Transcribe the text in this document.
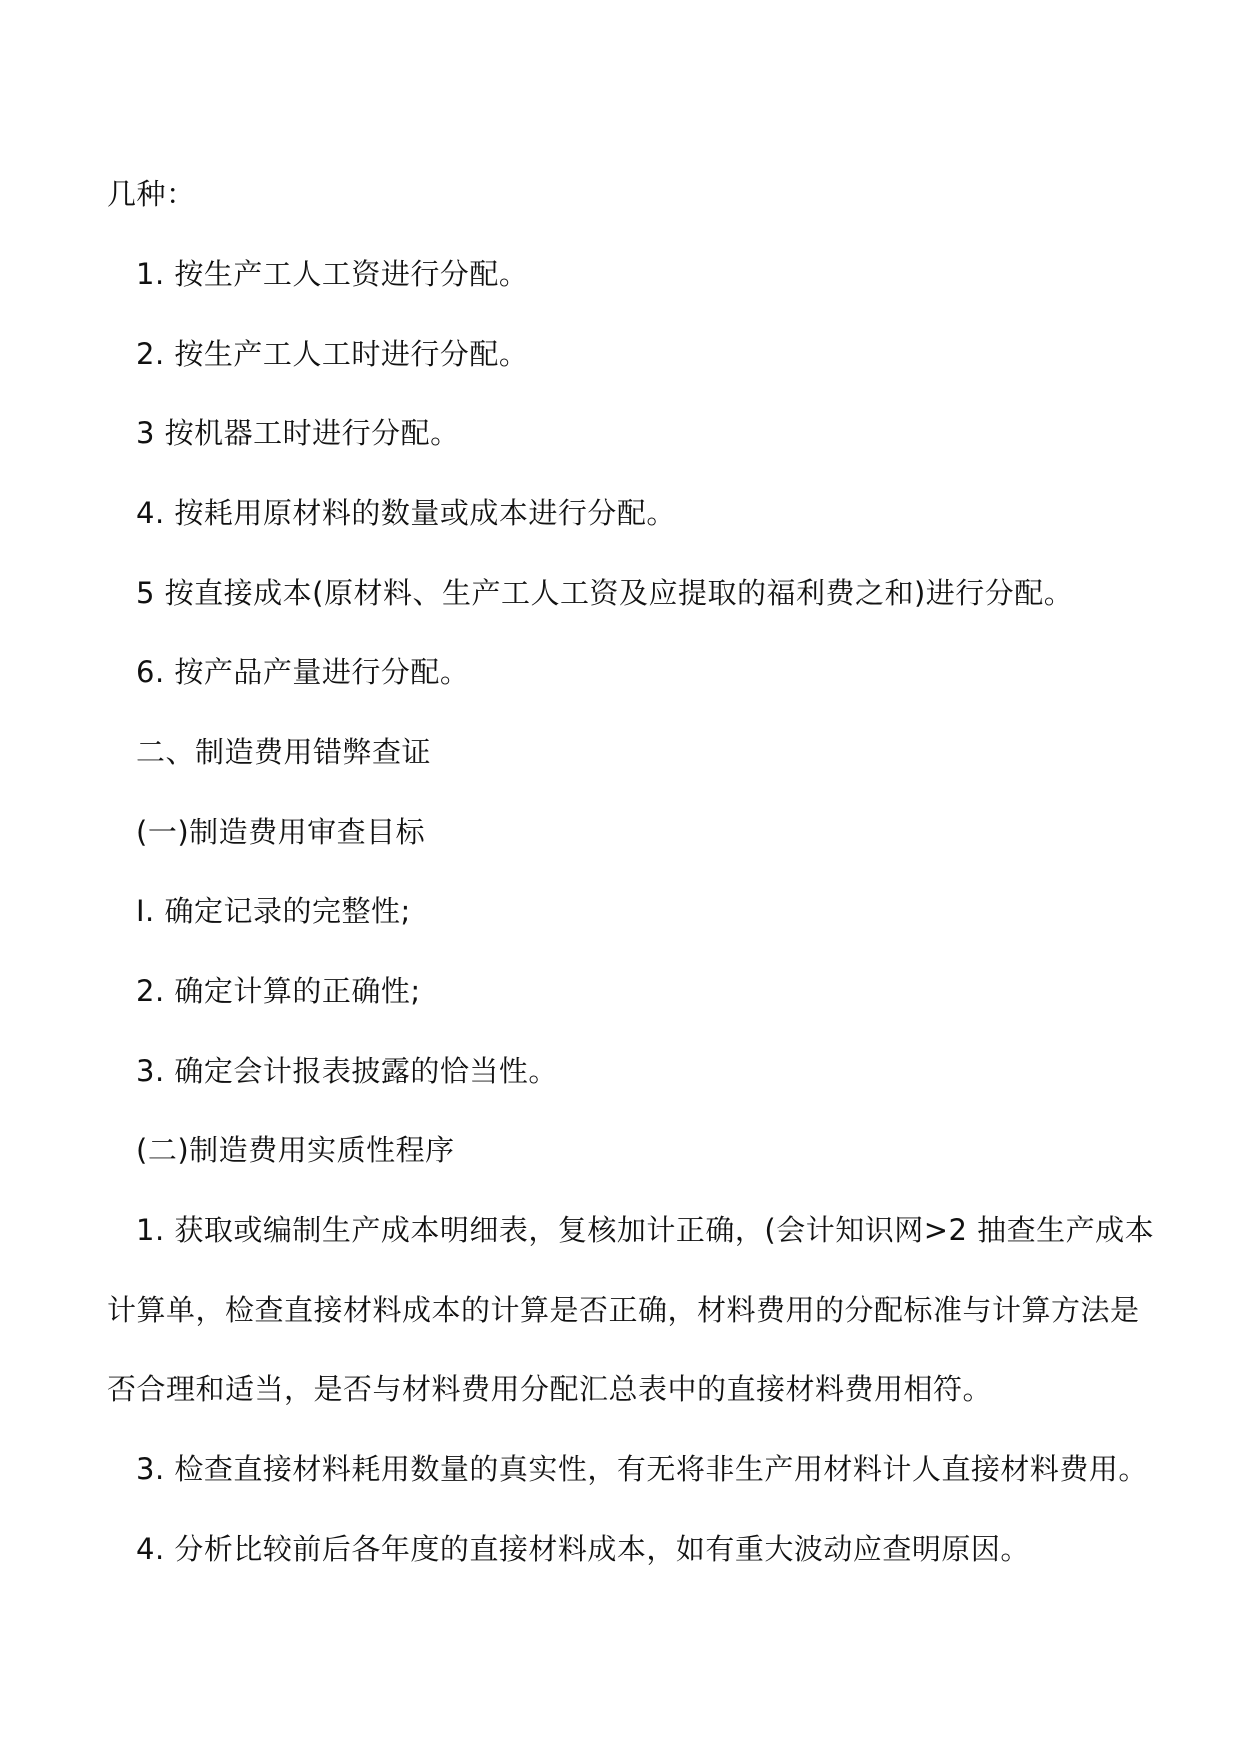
几种：
1. 按生产工人工资进行分配。
2. 按生产工人工时进行分配。
3 按机器工时进行分配。
4. 按耗用原材料的数量或成本进行分配。
5 按直接成本(原材料、生产工人工资及应提取的福利费之和)进行分配。
6. 按产品产量进行分配。
二、制造费用错弊查证
(一)制造费用审查目标
I. 确定记录的完整性;
2. 确定计算的正确性;
3. 确定会计报表披露的恰当性。
(二)制造费用实质性程序
1. 获取或编制生产成本明细表，复核加计正确，(会计知识网>2 抽查生产成本
计算单，检查直接材料成本的计算是否正确，材料费用的分配标准与计算方法是
否合理和适当，是否与材料费用分配汇总表中的直接材料费用相符。
3. 检查直接材料耗用数量的真实性，有无将非生产用材料计人直接材料费用。
4. 分析比较前后各年度的直接材料成本，如有重大波动应查明原因。
